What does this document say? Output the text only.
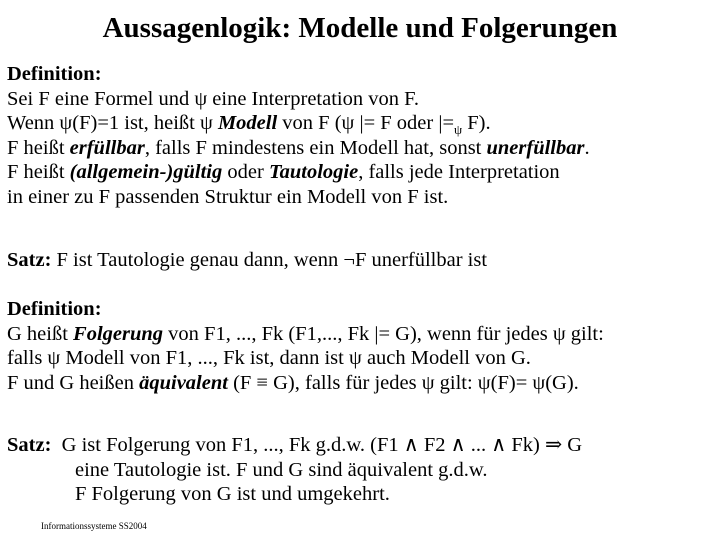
Aussagenlogik: Modelle und Folgerungen

Definition:

Sei F eine Formel und ψ eine Interpretation von F.

Wenn ψ(F)=1 ist, heißt ψ Modell von F (ψ |= F oder $|=_\psi$ F).

F heißt erfüllbar, falls F mindestens ein Modell hat, sonst unerfüllbar.

F heißt (allgemein-)gültig oder Tautologie, falls jede Interpretation

in einer zu F passenden Struktur ein Modell von F ist.

Satz: F ist Tautologie genau dann, wenn ¬F unerfüllbar ist

Definition:

G heißt Folgerung von F1, ..., Fk (F1,..., Fk |= G), wenn für jedes ψ gilt:

falls ψ Modell von F1, ..., Fk ist, dann ist ψ auch Modell von G.

F und G heißen äquivalent (F ≡ G), falls für jedes ψ gilt: ψ(F)= ψ(G).

Satz:  G ist Folgerung von F1, ..., Fk g.d.w. (F1 ∧ F2 ∧ ... ∧ Fk) ⇒ G

eine Tautologie ist. F und G sind äquivalent g.d.w.

F Folgerung von G ist und umgekehrt.

Informationssysteme SS2004
